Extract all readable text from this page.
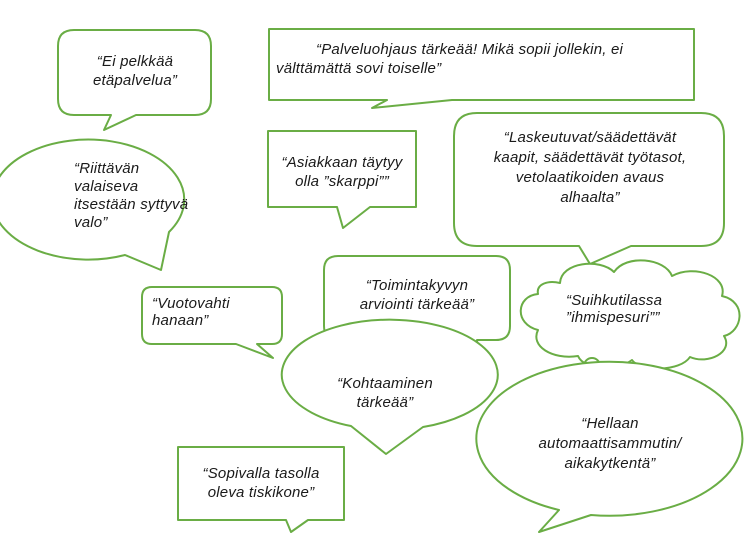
“Ei pelkkää
etäpalvelua”
“Palveluohjaus tärkeää! Mikä sopii jollekin, ei
välttämättä sovi toiselle”
“Laskeutuvat/säädettävät
kaapit, säädettävät työtasot,
vetolaatikoiden avaus
alhaalta”
“Riittävän
valaiseva
itsestään syttyvä
valo”
“Asiakkaan täytyy
olla ”skarppi””
“Toimintakyvyn
arviointi tärkeää”	“Suihkutilassa
”ihmispesuri””
“Vuotovahti
hanaan”
“Kohtaaminen
tärkeää”
“Hellaan
automaattisammutin/
aikakytkentä”
“Sopivalla tasolla
oleva tiskikone”
